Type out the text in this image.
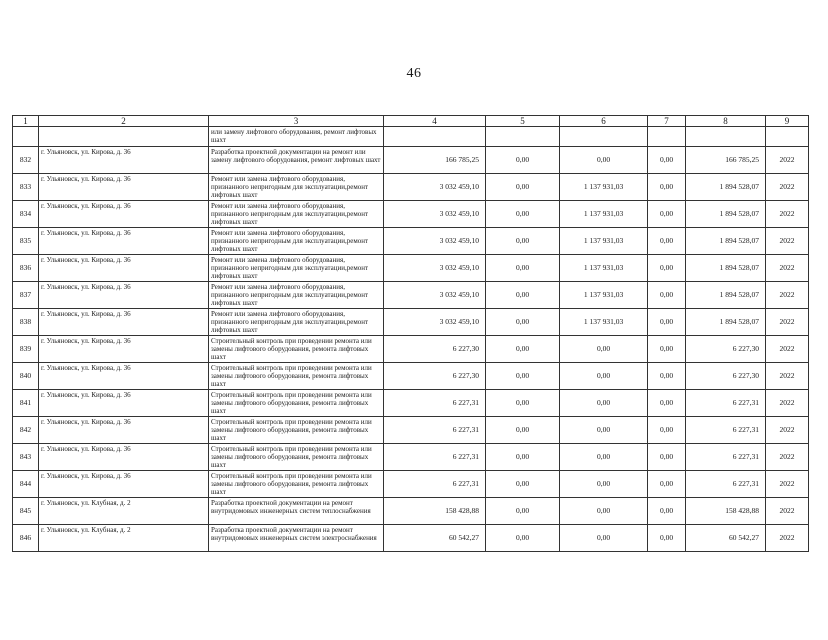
46
1	2	3	4	5	6	7	8	9
		или замену лифтового оборудования, ремонт лифтовых шахт						
832	г. Ульяновск, ул. Кирова, д. 36	Разработка проектной документации на ремонт или замену лифтового оборудования, ремонт лифтовых шахт	166 785,25	0,00	0,00	0,00	166 785,25	2022
833	г. Ульяновск, ул. Кирова, д. 36	Ремонт или замена лифтового оборудования, признанного непригодным для эксплуатации,ремонт лифтовых шахт	3 032 459,10	0,00	1 137 931,03	0,00	1 894 528,07	2022
834	г. Ульяновск, ул. Кирова, д. 36	Ремонт или замена лифтового оборудования, признанного непригодным для эксплуатации,ремонт лифтовых шахт	3 032 459,10	0,00	1 137 931,03	0,00	1 894 528,07	2022
835	г. Ульяновск, ул. Кирова, д. 36	Ремонт или замена лифтового оборудования, признанного непригодным для эксплуатации,ремонт лифтовых шахт	3 032 459,10	0,00	1 137 931,03	0,00	1 894 528,07	2022
836	г. Ульяновск, ул. Кирова, д. 36	Ремонт или замена лифтового оборудования, признанного непригодным для эксплуатации,ремонт лифтовых шахт	3 032 459,10	0,00	1 137 931,03	0,00	1 894 528,07	2022
837	г. Ульяновск, ул. Кирова, д. 36	Ремонт или замена лифтового оборудования, признанного непригодным для эксплуатации,ремонт лифтовых шахт	3 032 459,10	0,00	1 137 931,03	0,00	1 894 528,07	2022
838	г. Ульяновск, ул. Кирова, д. 36	Ремонт или замена лифтового оборудования, признанного непригодным для эксплуатации,ремонт лифтовых шахт	3 032 459,10	0,00	1 137 931,03	0,00	1 894 528,07	2022
839	г. Ульяновск, ул. Кирова, д. 36	Строительный контроль при проведении ремонта или замены лифтового оборудования, ремонта лифтовых шахт	6 227,30	0,00	0,00	0,00	6 227,30	2022
840	г. Ульяновск, ул. Кирова, д. 36	Строительный контроль при проведении ремонта или замены лифтового оборудования, ремонта лифтовых шахт	6 227,30	0,00	0,00	0,00	6 227,30	2022
841	г. Ульяновск, ул. Кирова, д. 36	Строительный контроль при проведении ремонта или замены лифтового оборудования, ремонта лифтовых шахт	6 227,31	0,00	0,00	0,00	6 227,31	2022
842	г. Ульяновск, ул. Кирова, д. 36	Строительный контроль при проведении ремонта или замены лифтового оборудования, ремонта лифтовых шахт	6 227,31	0,00	0,00	0,00	6 227,31	2022
843	г. Ульяновск, ул. Кирова, д. 36	Строительный контроль при проведении ремонта или замены лифтового оборудования, ремонта лифтовых шахт	6 227,31	0,00	0,00	0,00	6 227,31	2022
844	г. Ульяновск, ул. Кирова, д. 36	Строительный контроль при проведении ремонта или замены лифтового оборудования, ремонта лифтовых шахт	6 227,31	0,00	0,00	0,00	6 227,31	2022
845	г. Ульяновск, ул. Клубная, д. 2	Разработка проектной документации на ремонт внутридомовых инженерных систем теплоснабжения	158 428,88	0,00	0,00	0,00	158 428,88	2022
846	г. Ульяновск, ул. Клубная, д. 2	Разработка проектной документации на ремонт внутридомовых инженерных систем электроснабжения	60 542,27	0,00	0,00	0,00	60 542,27	2022
